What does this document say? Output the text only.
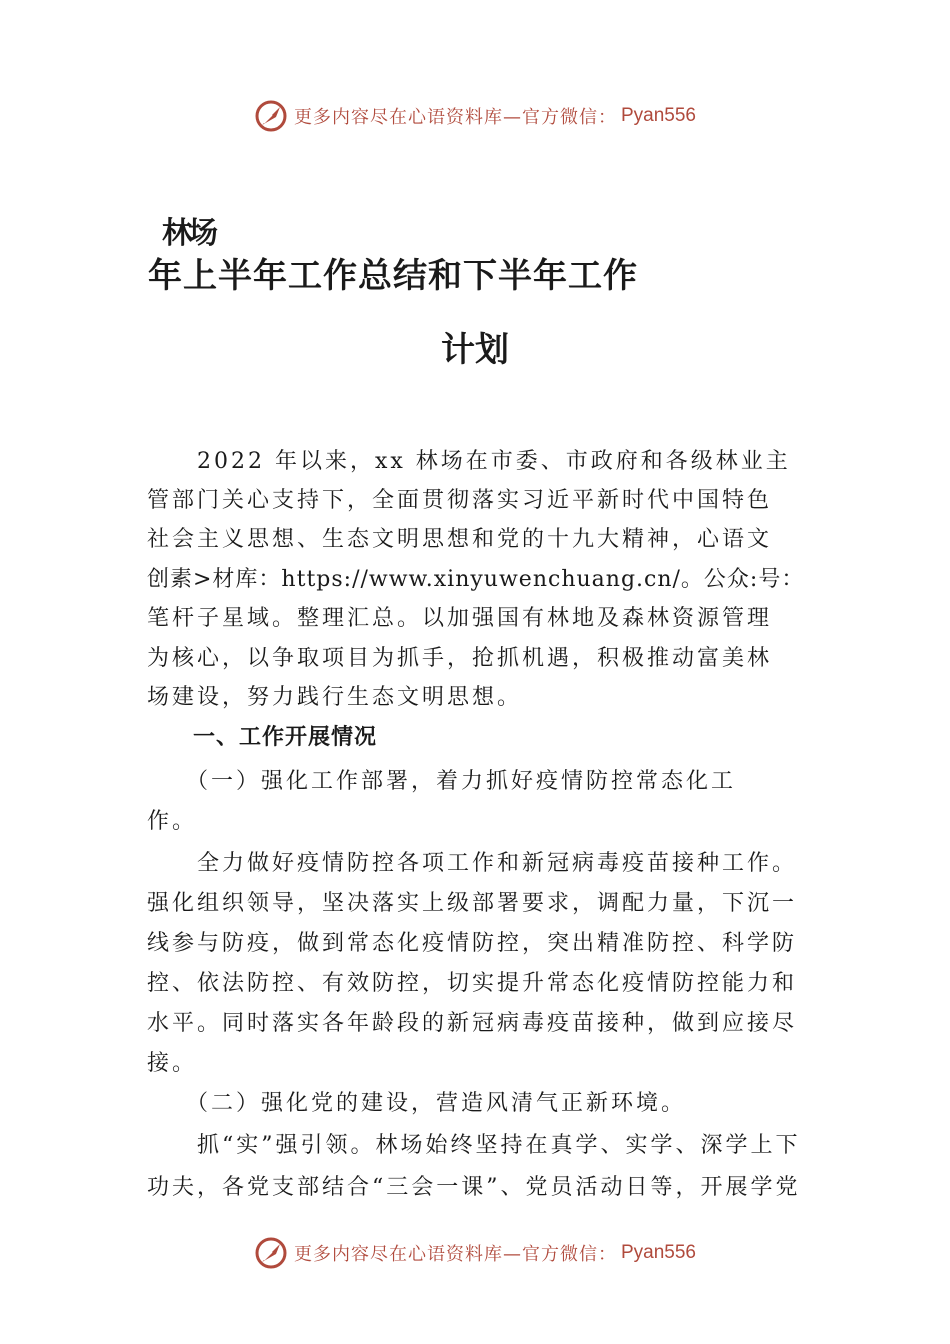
更多内容尽在心语资料库—官方微信： Pyan556
林场
年上半年工作总结和下半年工作
计划
　　2022 年以来，xx 林场在市委、市政府和各级林业主
管部门关心支持下，全面贯彻落实习近平新时代中国特色
社会主义思想、生态文明思想和党的十九大精神，心语文
创素>材库：https://www.xinyuwenchuang.cn/。公众:号：
笔杆子星域。整理汇总。以加强国有林地及森林资源管理
为核心，以争取项目为抓手，抢抓机遇，积极推动富美林
场建设，努力践行生态文明思想。
　　一、工作开展情况
　　（一）强化工作部署，着力抓好疫情防控常态化工
作。
　　全力做好疫情防控各项工作和新冠病毒疫苗接种工作。
强化组织领导，坚决落实上级部署要求，调配力量，下沉一
线参与防疫，做到常态化疫情防控，突出精准防控、科学防
控、依法防控、有效防控，切实提升常态化疫情防控能力和
水平。同时落实各年龄段的新冠病毒疫苗接种，做到应接尽
接。
　　（二）强化党的建设，营造风清气正新环境。
　　抓“实”强引领。林场始终坚持在真学、实学、深学上下
功夫，各党支部结合“三会一课”、党员活动日等，开展学党
更多内容尽在心语资料库—官方微信： Pyan556
